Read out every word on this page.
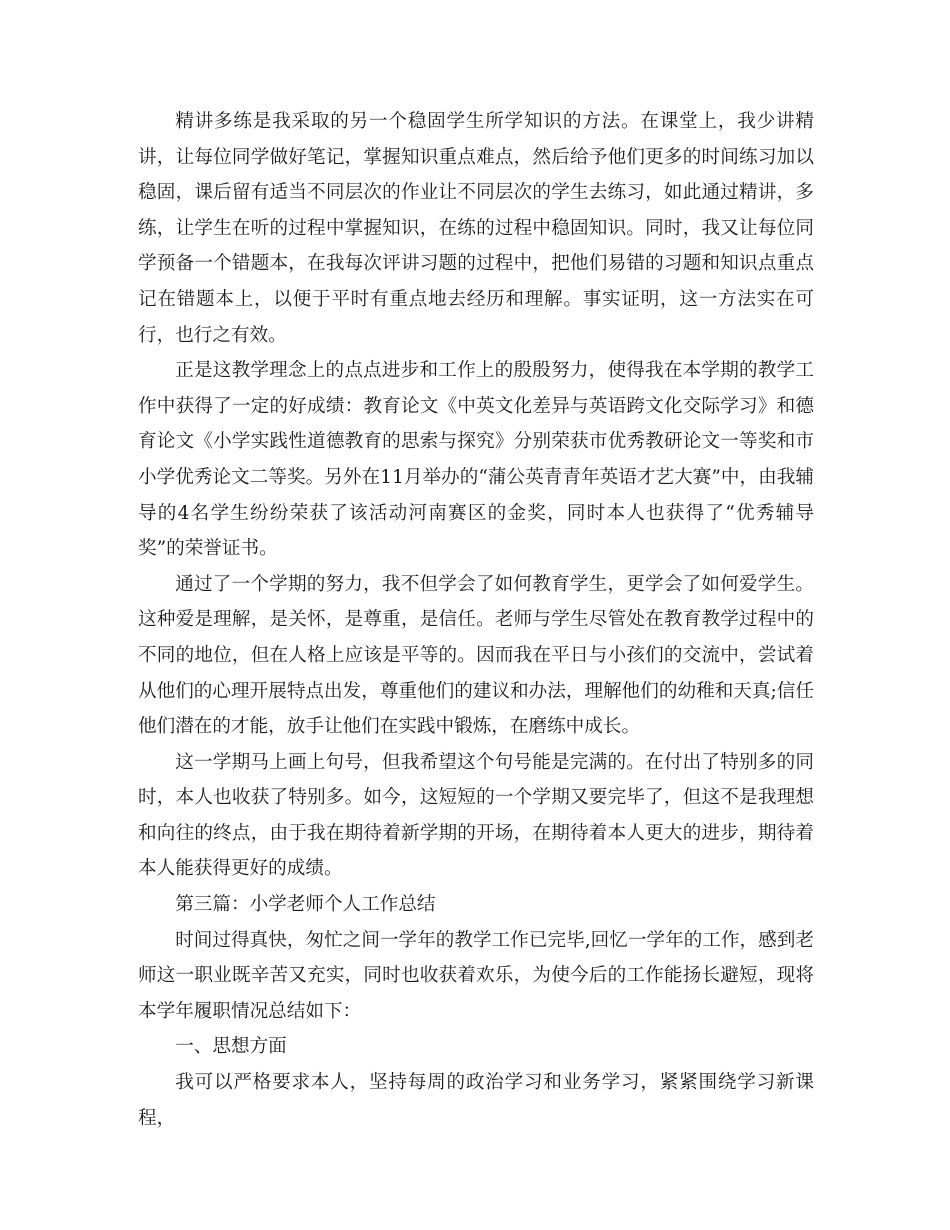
精讲多练是我采取的另一个稳固学生所学知识的方法。在课堂上，我少讲精讲，让每位同学做好笔记，掌握知识重点难点，然后给予他们更多的时间练习加以稳固，课后留有适当不同层次的作业让不同层次的学生去练习，如此通过精讲，多练，让学生在听的过程中掌握知识，在练的过程中稳固知识。同时，我又让每位同学预备一个错题本，在我每次评讲习题的过程中，把他们易错的习题和知识点重点记在错题本上，以便于平时有重点地去经历和理解。事实证明，这一方法实在可行，也行之有效。

正是这教学理念上的点点进步和工作上的殷殷努力，使得我在本学期的教学工作中获得了一定的好成绩：教育论文《中英文化差异与英语跨文化交际学习》和德育论文《小学实践性道德教育的思索与探究》分别荣获市优秀教研论文一等奖和市小学优秀论文二等奖。另外在11月举办的“蒲公英青青年英语才艺大赛”中，由我辅导的4名学生纷纷荣获了该活动河南赛区的金奖，同时本人也获得了“优秀辅导奖”的荣誉证书。

通过了一个学期的努力，我不但学会了如何教育学生，更学会了如何爱学生。这种爱是理解，是关怀，是尊重，是信任。老师与学生尽管处在教育教学过程中的不同的地位，但在人格上应该是平等的。因而我在平日与小孩们的交流中，尝试着从他们的心理开展特点出发，尊重他们的建议和办法，理解他们的幼稚和天真;信任他们潜在的才能，放手让他们在实践中锻炼，在磨练中成长。

这一学期马上画上句号，但我希望这个句号能是完满的。在付出了特别多的同时，本人也收获了特别多。如今，这短短的一个学期又要完毕了，但这不是我理想和向往的终点，由于我在期待着新学期的开场，在期待着本人更大的进步，期待着本人能获得更好的成绩。

第三篇：小学老师个人工作总结

时间过得真快，匆忙之间一学年的教学工作已完毕,回忆一学年的工作，感到老师这一职业既辛苦又充实，同时也收获着欢乐，为使今后的工作能扬长避短，现将本学年履职情况总结如下：

一、思想方面

我可以严格要求本人，坚持每周的政治学习和业务学习，紧紧围绕学习新课程，
